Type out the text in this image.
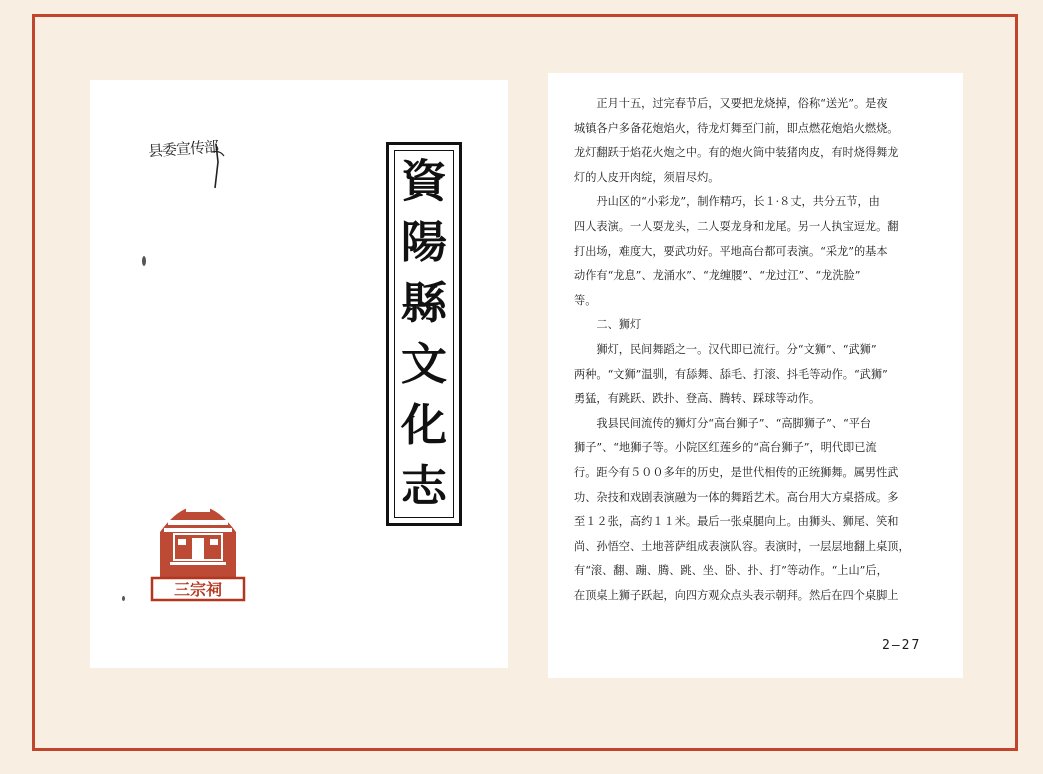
县委宣传部
資
陽
縣
文
化
志
三宗祠
　　正月十五，过完春节后，又要把龙烧掉，俗称“送光”。是夜
城镇各户多备花炮焰火，待龙灯舞至门前，即点燃花炮焰火燃烧。
龙灯翻跃于焰花火炮之中。有的炮火筒中装猪肉皮，有时烧得舞龙
灯的人皮开肉绽，须眉尽灼。
　　丹山区的“小彩龙”，制作精巧，长１·８丈，共分五节，由
四人表演。一人耍龙头，二人耍龙身和龙尾。另一人执宝逗龙。翻
打出场，难度大，要武功好。平地高台都可表演。“采龙”的基本
动作有“龙息”、龙涌水”、“龙缠腰”、“龙过江”、“龙洗脸”
等。
　　二、狮灯
　　狮灯，民间舞蹈之一。汉代即已流行。分“文狮”、“武狮”
两种。“文狮”温驯，有舔舞、舔毛、打滚、抖毛等动作。“武狮”
勇猛，有跳跃、跌扑、登高、腾转、踩球等动作。
　　我县民间流传的狮灯分“高台狮子”、“高脚狮子”、“平台
狮子”、“地狮子等。小院区红莲乡的“高台狮子”，明代即已流
行。距今有５００多年的历史，是世代相传的正统狮舞。属男性武
功、杂技和戏剧表演融为一体的舞蹈艺术。高台用大方桌搭成。多
至１２张，高约１１米。最后一张桌腿向上。由狮头、狮尾、笑和
尚、孙悟空、土地菩萨组成表演队容。表演时，一层层地翻上桌顶，
有“滚、翻、蹦、腾、跳、坐、卧、扑、打”等动作。“上山”后，
在顶桌上狮子跃起，向四方观众点头表示朝拜。然后在四个桌脚上
2—27
